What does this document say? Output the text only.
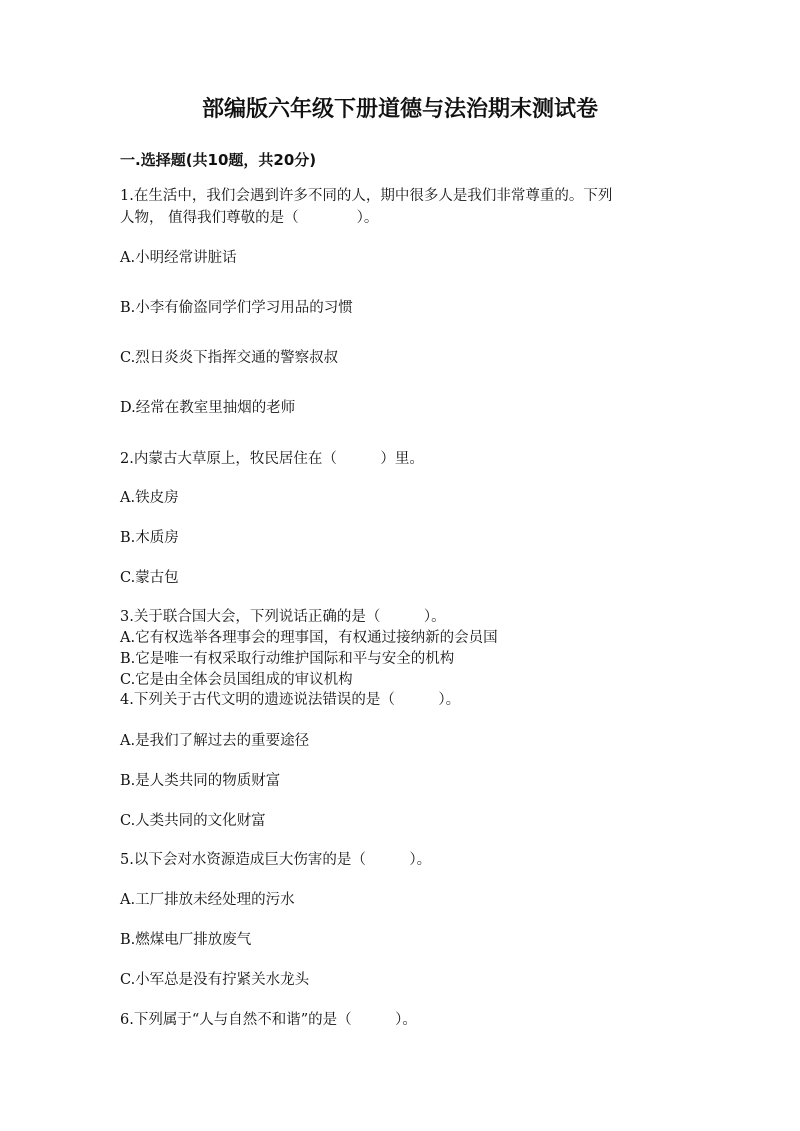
部编版六年级下册道德与法治期末测试卷
一.选择题(共10题，共20分)
1.在生活中，我们会遇到许多不同的人，期中很多人是我们非常尊重的。下列
人物， 值得我们尊敬的是（　　　　）。
A.小明经常讲脏话
B.小李有偷盗同学们学习用品的习惯
C.烈日炎炎下指挥交通的警察叔叔
D.经常在教室里抽烟的老师
2.内蒙古大草原上，牧民居住在（　　　）里。
A.铁皮房
B.木质房
C.蒙古包
3.关于联合国大会，下列说话正确的是（　　　）。
A.它有权选举各理事会的理事国，有权通过接纳新的会员国
B.它是唯一有权采取行动维护国际和平与安全的机构
C.它是由全体会员国组成的审议机构
4.下列关于古代文明的遗迹说法错误的是（　　　）。
A.是我们了解过去的重要途径
B.是人类共同的物质财富
C.人类共同的文化财富
5.以下会对水资源造成巨大伤害的是（　　　）。
A.工厂排放未经处理的污水
B.燃煤电厂排放废气
C.小军总是没有拧紧关水龙头
6.下列属于“人与自然不和谐”的是（　　　）。
